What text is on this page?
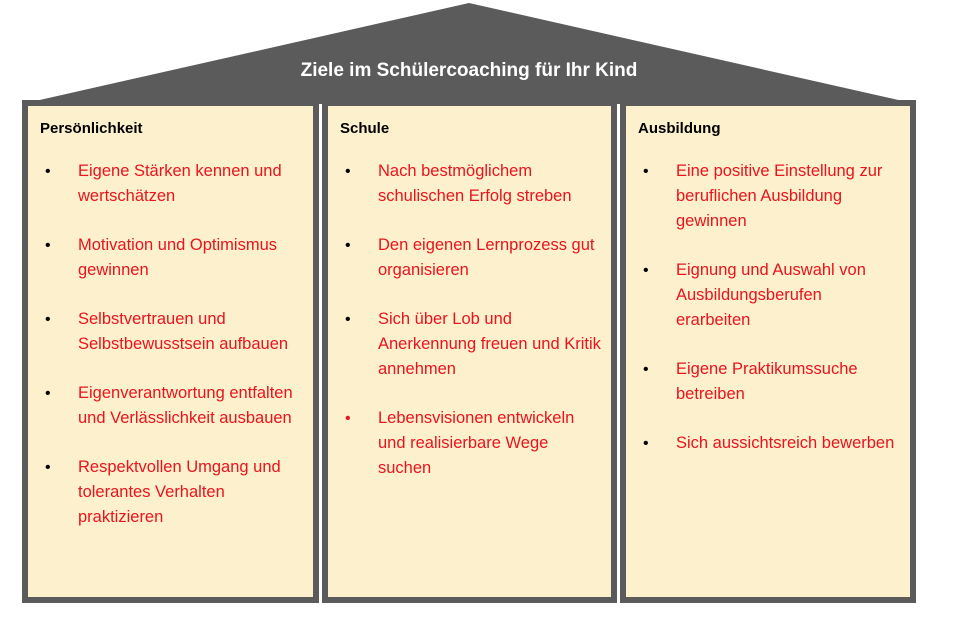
Ziele im Schülercoaching für Ihr Kind
Persönlichkeit
• Eigene Stärken kennen und wertschätzen
• Motivation und Optimismus gewinnen
• Selbstvertrauen und Selbstbewusstsein aufbauen
• Eigenverantwortung entfalten und Verlässlichkeit ausbauen
• Respektvollen Umgang und tolerantes Verhalten praktizieren
Schule
• Nach bestmöglichem schulischen Erfolg streben
• Den eigenen Lernprozess gut organisieren
• Sich über Lob und Anerkennung freuen und Kritik annehmen
• Lebensvisionen entwickeln und realisierbare Wege suchen
Ausbildung
• Eine positive Einstellung zur beruflichen Ausbildung gewinnen
• Eignung und Auswahl von Ausbildungsberufen erarbeiten
• Eigene Praktikumssuche betreiben
• Sich aussichtsreich bewerben
